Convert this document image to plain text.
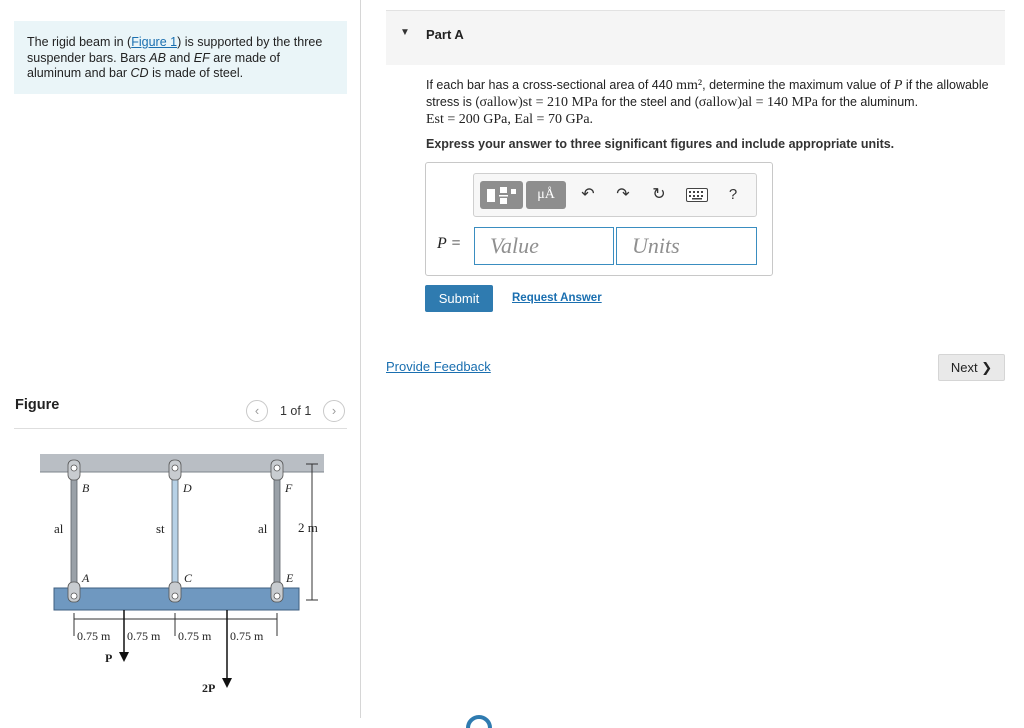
The rigid beam in (Figure 1) is supported by the three suspender bars. Bars AB and EF are made of aluminum and bar CD is made of steel.
Figure	‹	1 of 1	›
2 m
B	D	F
A	C	E
al	st	al
0.75 m 0.75 m 0.75 m 0.75 m
P
2P
▼ Part A
If each bar has a cross-sectional area of 440 mm², determine the maximum value of P if the allowable stress is (σallow)st = 210 MPa for the steel and (σallow)al = 140 MPa for the aluminum.
Est = 200 GPa, Eal = 70 GPa.
Express your answer to three significant figures and include appropriate units.
μÅ	↶	↷	↻	?
P =	Value	Units
Submit	Request Answer
Provide Feedback	Next ❯
